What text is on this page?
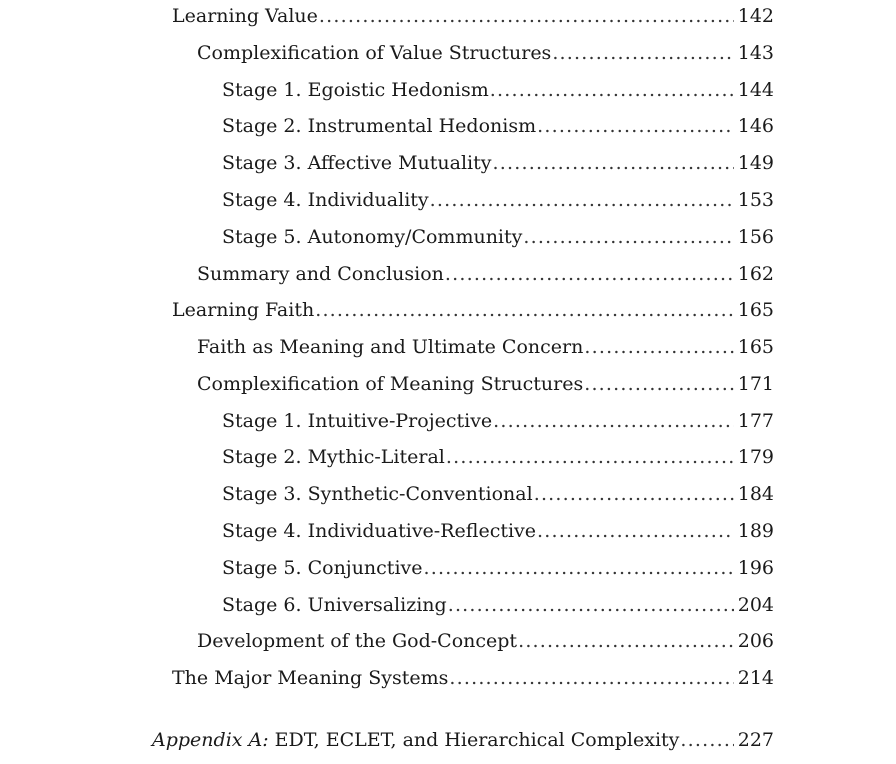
Learning Value .....	142
Complexification of Value Structures .....	143
Stage 1. Egoistic Hedonism .....	144
Stage 2. Instrumental Hedonism .....	146
Stage 3. Affective Mutuality .....	149
Stage 4. Individuality .....	153
Stage 5. Autonomy/Community .....	156
Summary and Conclusion .....	162
Learning Faith .....	165
Faith as Meaning and Ultimate Concern .....	165
Complexification of Meaning Structures .....	171
Stage 1. Intuitive-Projective .....	177
Stage 2. Mythic-Literal .....	179
Stage 3. Synthetic-Conventional .....	184
Stage 4. Individuative-Reflective .....	189
Stage 5. Conjunctive .....	196
Stage 6. Universalizing .....	204
Development of the God-Concept .....	206
The Major Meaning Systems .....	214
Appendix A: EDT, ECLET, and Hierarchical Complexity .....	227
